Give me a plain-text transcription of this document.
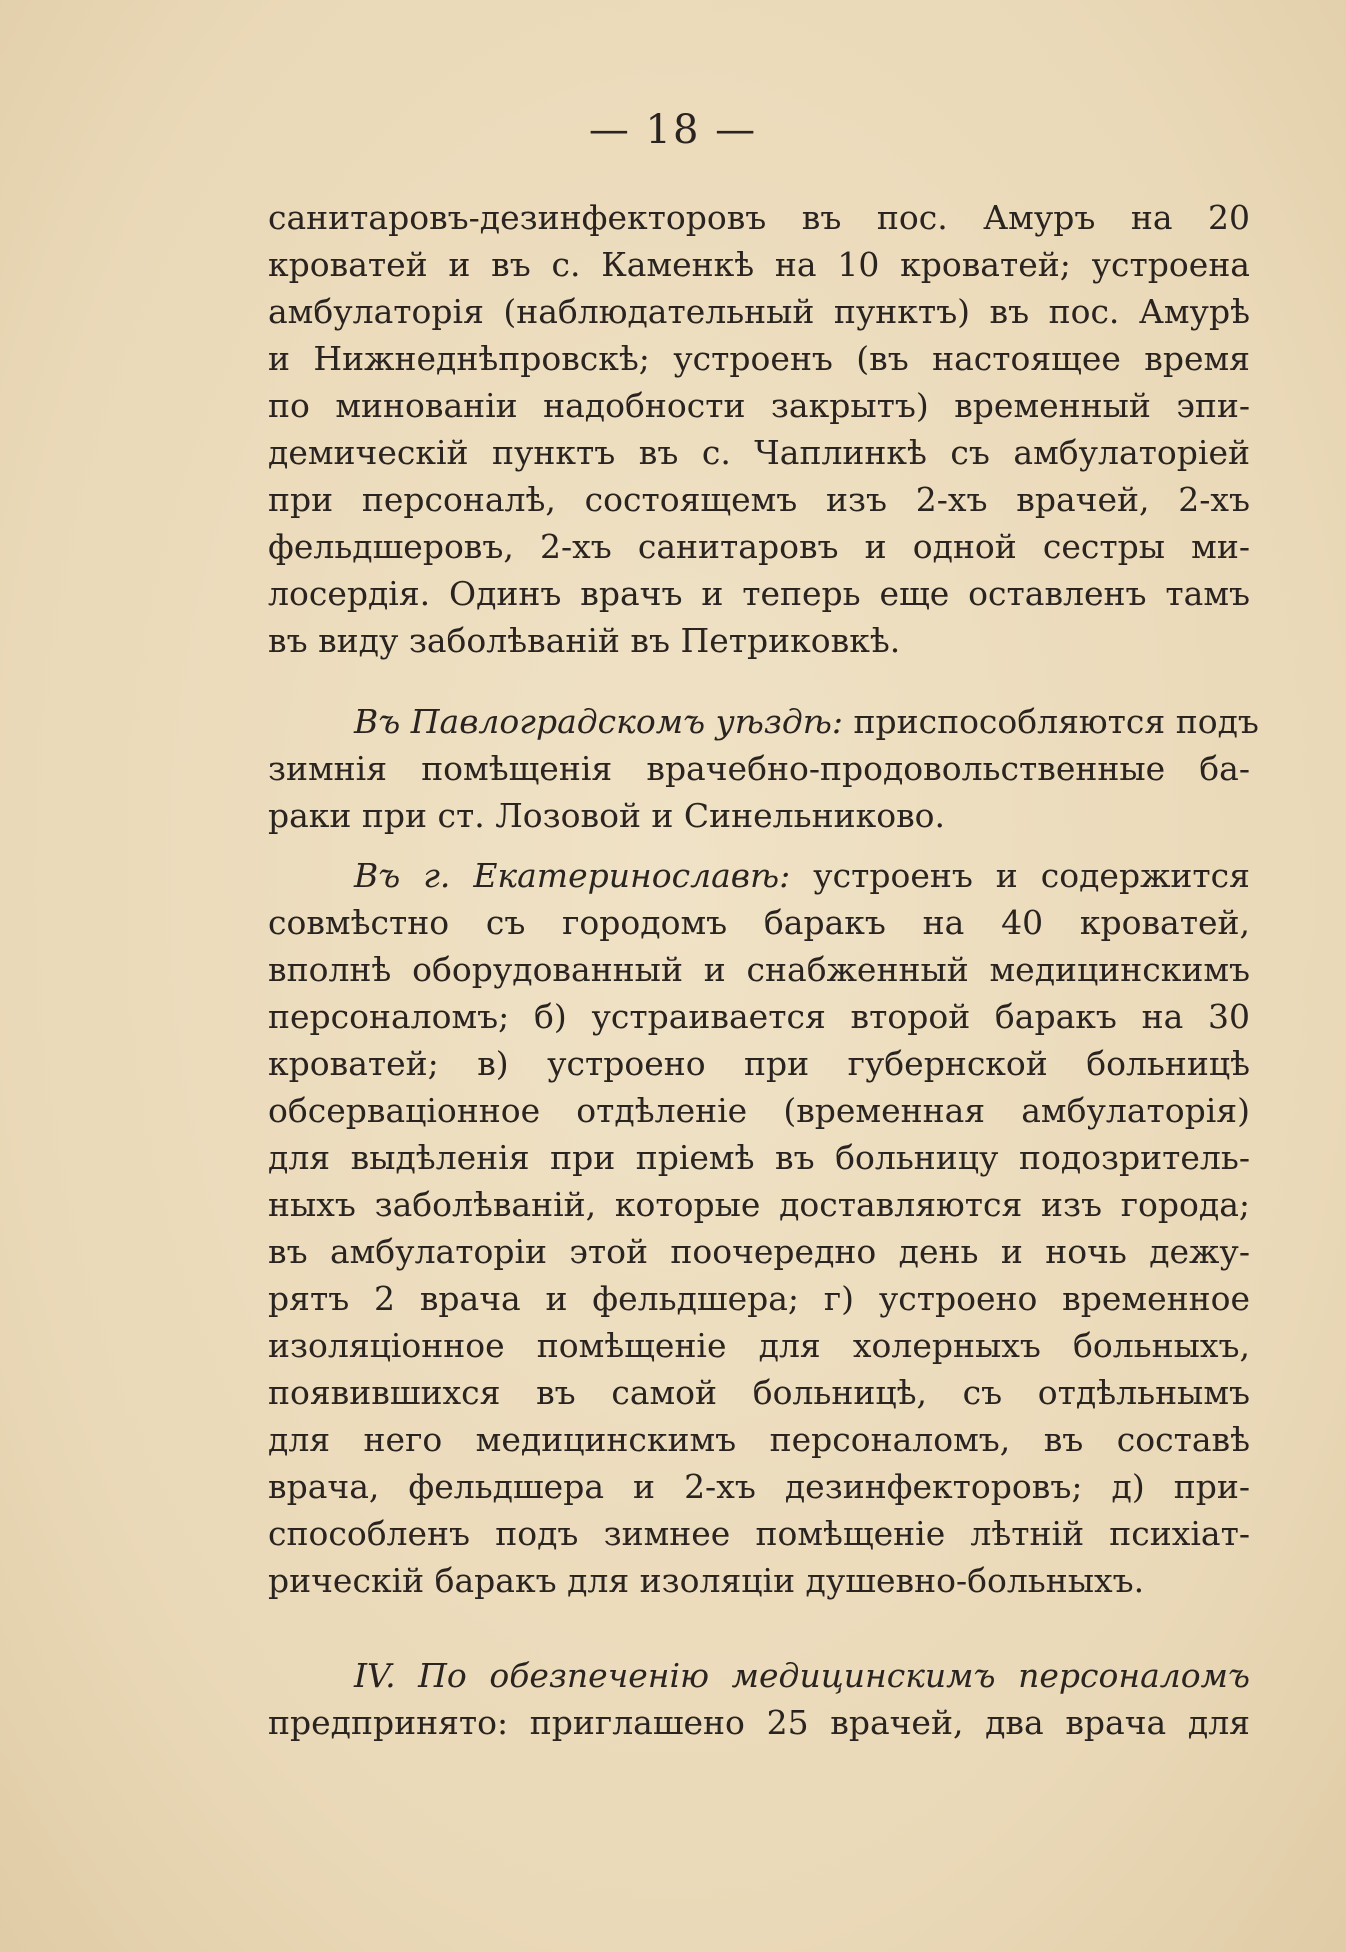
— 18 —
санитаровъ-дезинфекторовъ въ пос. Амуръ на 20
кроватей и въ с. Каменкѣ на 10 кроватей; устроена
амбулаторія (наблюдательный пунктъ) въ пос. Амурѣ
и Нижнеднѣпровскѣ; устроенъ (въ настоящее время
по минованіи надобности закрытъ) временный эпи-
демическій пунктъ въ с. Чаплинкѣ съ амбулаторіей
при персоналѣ, состоящемъ изъ 2-хъ врачей, 2-хъ
фельдшеровъ, 2-хъ санитаровъ и одной сестры ми-
лосердія. Одинъ врачъ и теперь еще оставленъ тамъ
въ виду заболѣваній въ Петриковкѣ.
Въ Павлоградскомъ уѣздѣ: приспособляются подъ
зимнія помѣщенія врачебно-продовольственные ба-
раки при ст. Лозовой и Синельниково.
Въ г. Екатеринославѣ: устроенъ и содержится
совмѣстно съ городомъ баракъ на 40 кроватей,
вполнѣ оборудованный и снабженный медицинскимъ
персоналомъ; б) устраивается второй баракъ на 30
кроватей; в) устроено при губернской больницѣ
обсерваціонное отдѣленіе (временная амбулаторія)
для выдѣленія при пріемѣ въ больницу подозритель-
ныхъ заболѣваній, которые доставляются изъ города;
въ амбулаторіи этой поочередно день и ночь дежу-
рятъ 2 врача и фельдшера; г) устроено временное
изоляціонное помѣщеніе для холерныхъ больныхъ,
появившихся въ самой больницѣ, съ отдѣльнымъ
для него медицинскимъ персоналомъ, въ составѣ
врача, фельдшера и 2-хъ дезинфекторовъ; д) при-
способленъ подъ зимнее помѣщеніе лѣтній психіат-
рическій баракъ для изоляціи душевно-больныхъ.
IV. По обезпеченію медицинскимъ персоналомъ
предпринято: приглашено 25 врачей, два врача для
